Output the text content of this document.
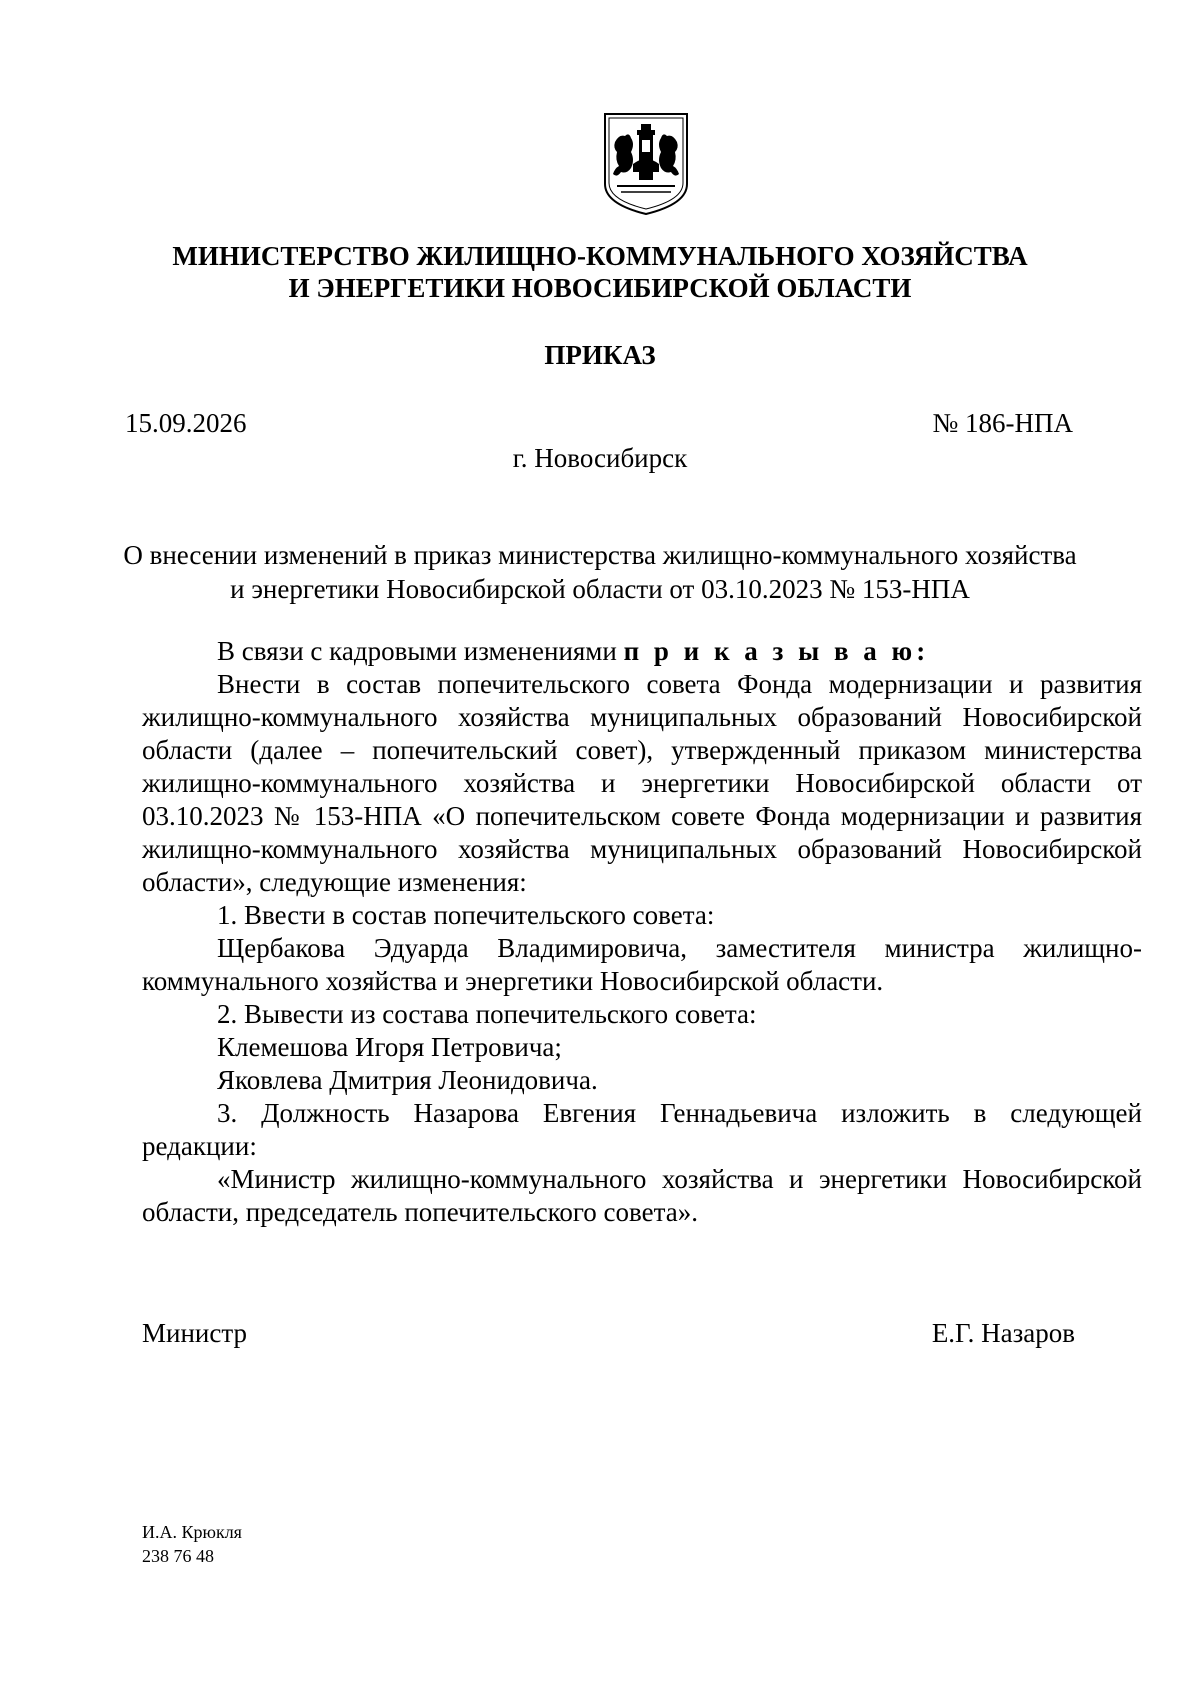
МИНИСТЕРСТВО ЖИЛИЩНО-КОММУНАЛЬНОГО ХОЗЯЙСТВА
И ЭНЕРГЕТИКИ НОВОСИБИРСКОЙ ОБЛАСТИ
ПРИКАЗ
15.09.2026	№ 186-НПА
г. Новосибирск
О внесении изменений в приказ министерства жилищно-коммунального хозяйства
и энергетики Новосибирской области от 03.10.2023 № 153-НПА

В связи с кадровыми изменениями п р и к а з ы в а ю:

Внести в состав попечительского совета Фонда модернизации и развития жилищно-коммунального хозяйства муниципальных образований Новосибирской области (далее – попечительский совет), утвержденный приказом министерства жилищно-коммунального хозяйства и энергетики Новосибирской области от 03.10.2023 № 153-НПА «О попечительском совете Фонда модернизации и развития жилищно-коммунального хозяйства муниципальных образований Новосибирской области», следующие изменения:

1. Ввести в состав попечительского совета:

Щербакова Эдуарда Владимировича, заместителя министра жилищно-коммунального хозяйства и энергетики Новосибирской области.

2. Вывести из состава попечительского совета:

Клемешова Игоря Петровича;

Яковлева Дмитрия Леонидовича.

3. Должность Назарова Евгения Геннадьевича изложить в следующей редакции:

«Министр жилищно-коммунального хозяйства и энергетики Новосибирской области, председатель попечительского совета».

Министр	Е.Г. Назаров
И.А. Крюкля
238 76 48
